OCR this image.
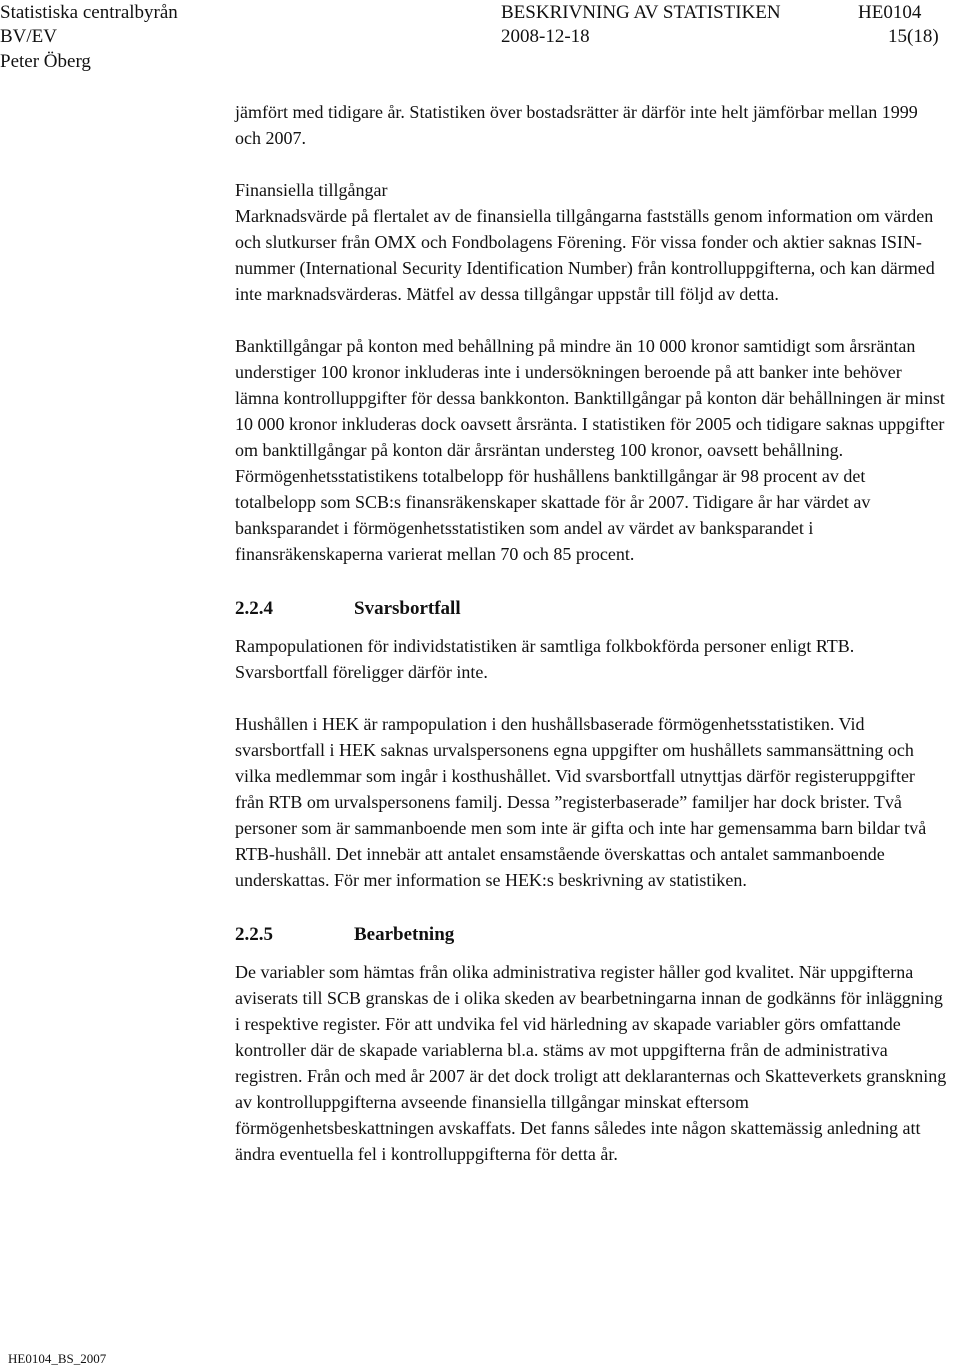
Statistiska centralbyrån	BESKRIVNING AV STATISTIKEN	HE0104
BV/EV	2008-12-18	15(18)
Peter Öberg

jämfört med tidigare år. Statistiken över bostadsrätter är därför inte helt jämförbar mellan 1999 och 2007.

Finansiella tillgångar

Marknadsvärde på flertalet av de finansiella tillgångarna fastställs genom information om värden och slutkurser från OMX och Fondbolagens Förening. För vissa fonder och aktier saknas ISIN-nummer (International Security Identification Number) från kontrolluppgifterna, och kan därmed inte marknadsvärderas. Mätfel av dessa tillgångar uppstår till följd av detta.

Banktillgångar på konton med behållning på mindre än 10 000 kronor samtidigt som årsräntan understiger 100 kronor inkluderas inte i undersökningen beroende på att banker inte behöver lämna kontrolluppgifter för dessa bankkonton. Banktillgångar på konton där behållningen är minst 10 000 kronor inkluderas dock oavsett årsränta. I statistiken för 2005 och tidigare saknas uppgifter om banktillgångar på konton där årsräntan understeg 100 kronor, oavsett behållning. Förmögenhetsstatistikens totalbelopp för hushållens banktillgångar är 98 procent av det totalbelopp som SCB:s finansräkenskaper skattade för år 2007. Tidigare år har värdet av banksparandet i förmögenhetsstatistiken som andel av värdet av banksparandet i finansräkenskaperna varierat mellan 70 och 85 procent.

2.2.4	Svarsbortfall

Rampopulationen för individstatistiken är samtliga folkbokförda personer enligt RTB. Svarsbortfall föreligger därför inte.

Hushållen i HEK är rampopulation i den hushållsbaserade förmögenhetsstatistiken. Vid svarsbortfall i HEK saknas urvalspersonens egna uppgifter om hushållets sammansättning och vilka medlemmar som ingår i kosthushållet. Vid svarsbortfall utnyttjas därför registeruppgifter från RTB om urvalspersonens familj. Dessa ”registerbaserade” familjer har dock brister. Två personer som är sammanboende men som inte är gifta och inte har gemensamma barn bildar två RTB-hushåll. Det innebär att antalet ensamstående överskattas och antalet sammanboende underskattas. För mer information se HEK:s beskrivning av statistiken.

2.2.5	Bearbetning

De variabler som hämtas från olika administrativa register håller god kvalitet. När uppgifterna aviserats till SCB granskas de i olika skeden av bearbetningarna innan de godkänns för inläggning i respektive register. För att undvika fel vid härledning av skapade variabler görs omfattande kontroller där de skapade variablerna bl.a. stäms av mot uppgifterna från de administrativa registren. Från och med år 2007 är det dock troligt att deklaranternas och Skatteverkets granskning av kontrolluppgifterna avseende finansiella tillgångar minskat eftersom förmögenhetsbeskattningen avskaffats. Det fanns således inte någon skattemässig anledning att ändra eventuella fel i kontrolluppgifterna för detta år.

HE0104_BS_2007
